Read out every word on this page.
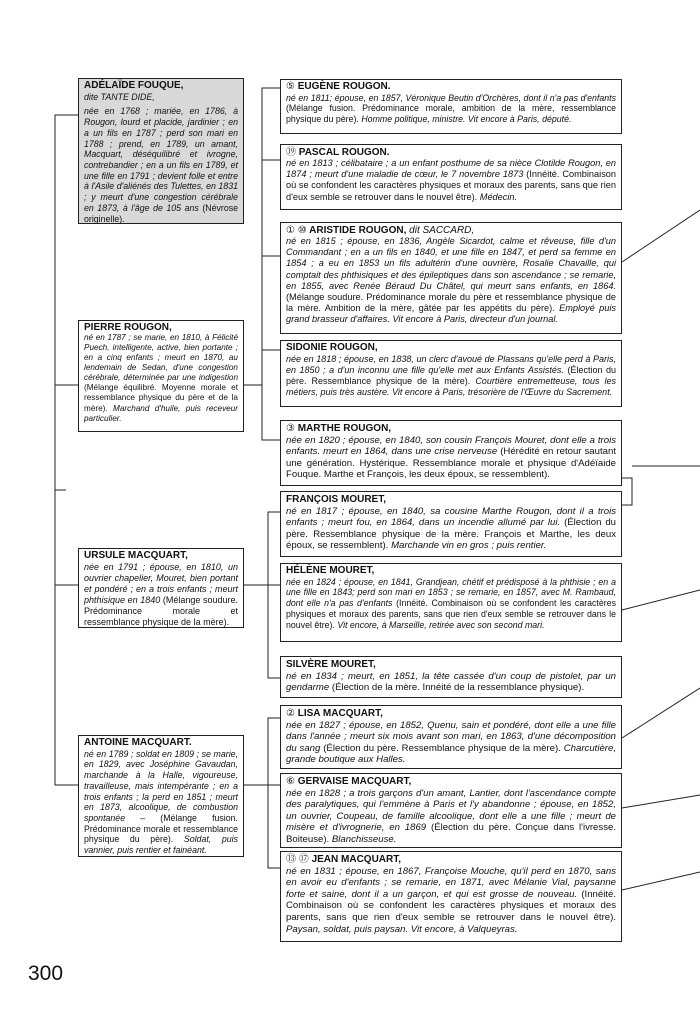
ADÉLAÏDE FOUQUE,

dite TANTE DIDE,

née en 1768 ; mariée, en 1786, à Rougon, lourd et placide, jardinier ; en a un fils en 1787 ; perd son mari en 1788 ; prend, en 1789, un amant, Macquart, déséquilibré et ivrogne, contrebandier ; en a un fils en 1789, et une fille en 1791 ; devient folle et entre à l'Asile d'aliénés des Tulettes, en 1831 ; y meurt d'une congestion cérébrale en 1873, à l'âge de 105 ans (Névrose originelle).

PIERRE ROUGON,

né en 1787 ; se marie, en 1810, à Félicité Puech, intelligente, active, bien portante ; en a cinq enfants ; meurt en 1870, au lendemain de Sedan, d'une congestion cérébrale, déterminée par une indigestion (Mélange équilibré. Moyenne morale et ressemblance physique du père et de la mère). Marchand d'huile, puis receveur particulier.

URSULE MACQUART,

née en 1791 ; épouse, en 1810, un ouvrier chapelier, Mouret, bien portant et pondéré ; en a trois enfants ; meurt phthisique en 1840 (Mélange soudure. Prédominance morale et ressemblance physique de la mère).

ANTOINE MACQUART.

né en 1789 ; soldat en 1809 ; se marie, en 1829, avec Joséphine Gavaudan, marchande à la Halle, vigoureuse, travailleuse, mais intempérante ; en a trois enfants ; la perd en 1851 ; meurt en 1873, alcoolique, de combustion spontanée – (Mélange fusion. Prédominance morale et ressemblance physique du père). Soldat, puis vannier, puis rentier et fainéant.

⑤ EUGÈNE ROUGON.

né en 1811; épouse, en 1857, Véronique Beutin d'Orchères, dont il n'a pas d'enfants (Mélange fusion. Prédominance morale, ambition de la mère, ressemblance physique du père). Homme politique, ministre. Vit encore à Paris, député.

⑲ PASCAL ROUGON.

né en 1813 ; célibataire ; a un enfant posthume de sa nièce Clotilde Rougon, en 1874 ; meurt d'une maladie de cœur, le 7 novembre 1873 (Innéité. Combinaison où se confondent les caractères physiques et moraux des parents, sans que rien d'eux semble se retrouver dans le nouvel être). Médecin.

① ⑩ ARISTIDE ROUGON, dit SACCARD,

né en 1815 ; épouse, en 1836, Angèle Sicardot, calme et rêveuse, fille d'un Commandant ; en a un fils en 1840, et une fille en 1847, et perd sa femme en 1854 ; a eu en 1853 un fils adultérin d'une ouvrière, Rosalie Chavaille, qui comptait des phthisiques et des épileptiques dans son ascendance ; se remarie, en 1855, avec Renée Béraud Du Châtel, qui meurt sans enfants, en 1864. (Mélange soudure. Prédominance morale du père et ressemblance physique de la mère. Ambition de la mère, gâtée par les appétits du père). Employé puis grand brasseur d'affaires. Vit encore à Paris, directeur d'un journal.

SIDONIE ROUGON,

née en 1818 ; épouse, en 1838, un clerc d'avoué de Plassans qu'elle perd à Paris, en 1850 ; a d'un inconnu une fille qu'elle met aux Enfants Assistés. (Élection du père. Ressemblance physique de la mère). Courtière entremetteuse, tous les métiers, puis très austère. Vit encore à Paris, trésorière de l'Œuvre du Sacrement.

③ MARTHE ROUGON,

née en 1820 ; épouse, en 1840, son cousin François Mouret, dont elle a trois enfants. meurt en 1864, dans une crise nerveuse (Hérédité en retour sautant une génération. Hystérique. Ressemblance morale et physique d'Adéïaide Fouque. Marthe et François, les deux époux, se ressemblent).

FRANÇOIS MOURET,

né en 1817 ; épouse, en 1840, sa cousine Marthe Rougon, dont il a trois enfants ; meurt fou, en 1864, dans un incendie allumé par lui. (Élection du père. Ressemblance physique de la mère. François et Marthe, les deux époux, se ressemblent). Marchande vin en gros ; puis rentier.

HÉLÈNE MOURET,

née en 1824 ; épouse, en 1841, Grandjean, chétif et prédisposé à la phthisie ; en a une fille en 1843; perd son mari en 1853 ; se remarie, en 1857, avec M. Rambaud, dont elle n'a pas d'enfants (Innéité. Combinaison où se confondent les caractères physiques et moraux des parents, sans que rien d'eux semble se retrouver dans le nouvel être). Vit encore, à Marseille, retirée avec son second mari.

SILVÈRE MOURET,

né en 1834 ; meurt, en 1851, la tête cassée d'un coup de pistolet, par un gendarme (Élection de la mère. Innéité de la ressemblance physique).

② LISA MACQUART,

née en 1827 ; épouse, en 1852, Quenu, sain et pondéré, dont elle a une fille dans l'année ; meurt six mois avant son mari, en 1863, d'une décomposition du sang (Élection du père. Ressemblance physique de la mère). Charcutière, grande boutique aux Halles.

⑥ GERVAISE MACQUART,

née en 1828 ; a trois garçons d'un amant, Lantier, dont l'ascendance compte des paralytiques, qui l'emmène à Paris et l'y abandonne ; épouse, en 1852, un ouvrier, Coupeau, de famille alcoolique, dont elle a une fille ; meurt de misère et d'ivrognerie, en 1869 (Élection du père. Conçue dans l'ivresse. Boiteuse). Blanchisseuse.

⑬ ⑰ JEAN MACQUART,

né en 1831 ; épouse, en 1867, Françoise Mouche, qu'il perd en 1870, sans en avoir eu d'enfants ; se remarie, en 1871, avec Mélanie Vial, paysanne forte et saine, dont il a un garçon, et qui est grosse de nouveau. (Innéité. Combinaison où se confondent les caractères physiques et moraux des parents, sans que rien d'eux semble se retrouver dans le nouvel être). Paysan, soldat, puis paysan. Vit encore, à Valqueyras.

300
